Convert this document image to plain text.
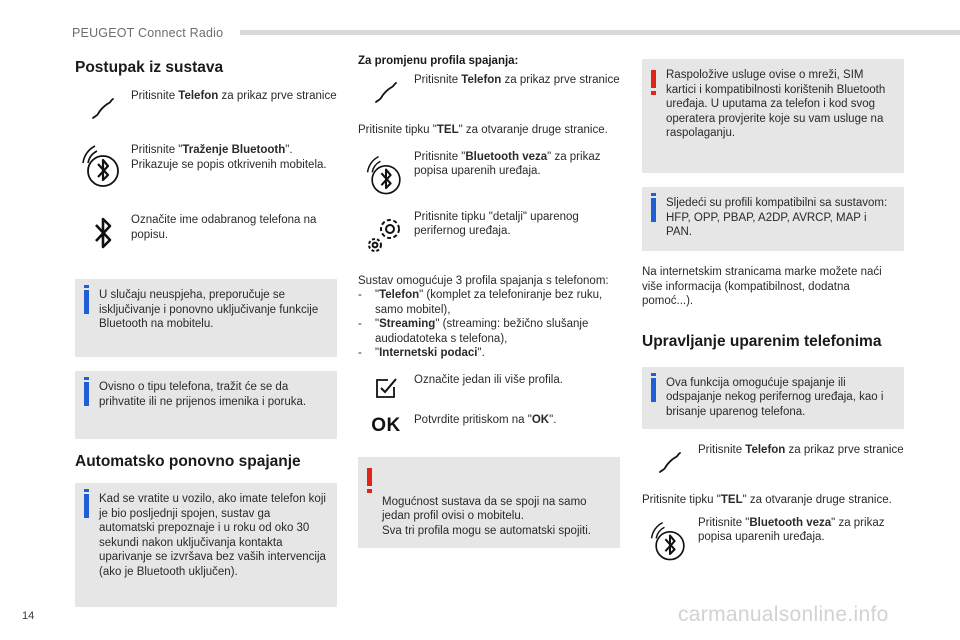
PEUGEOT Connect Radio
Postupak iz sustava
Pritisnite Telefon za prikaz prve stranice
Pritisnite "Traženje Bluetooth". Prikazuje se popis otkrivenih mobitela.
Označite ime odabranog telefona na popisu.
U slučaju neuspjeha, preporučuje se isključivanje i ponovno uključivanje funkcije Bluetooth na mobitelu.
Ovisno o tipu telefona, tražit će se da prihvatite ili ne prijenos imenika i poruka.
Automatsko ponovno spajanje
Kad se vratite u vozilo, ako imate telefon koji je bio posljednji spojen, sustav ga automatski prepoznaje i u roku od oko 30 sekundi nakon uključivanja kontakta uparivanje se izvršava bez vaših intervencija (ako je Bluetooth uključen).
Za promjenu profila spajanja:
Pritisnite Telefon za prikaz prve stranice

Pritisnite tipku "TEL" za otvaranje druge stranice.

Pritisnite "Bluetooth veza" za prikaz popisa uparenih uređaja.
Pritisnite tipku "detalji" uparenog perifernog uređaja.

Sustav omogućuje 3 profila spajanja s telefonom:

-	"Telefon" (komplet za telefoniranje bez ruku, samo mobitel),
-	"Streaming" (streaming: bežično slušanje audiodatoteka s telefona),
-	"Internetski podaci".
Označite jedan ili više profila.
OK Potvrdite pritiskom na "OK".

Mogućnost sustava da se spoji na samo jedan profil ovisi o mobitelu.
Sva tri profila mogu se automatski spojiti.

Raspoložive usluge ovise o mreži, SIM kartici i kompatibilnosti korištenih Bluetooth uređaja. U uputama za telefon i kod svog operatera provjerite koje su vam usluge na raspolaganju.
Sljedeći su profili kompatibilni sa sustavom: HFP, OPP, PBAP, A2DP, AVRCP, MAP i PAN.

Na internetskim stranicama marke možete naći više informacija (kompatibilnost, dodatna pomoć...).

Upravljanje uparenim telefonima
Ova funkcija omogućuje spajanje ili odspajanje nekog perifernog uređaja, kao i brisanje uparenog telefona.
Pritisnite Telefon za prikaz prve stranice

Pritisnite tipku "TEL" za otvaranje druge stranice.

Pritisnite "Bluetooth veza" za prikaz popisa uparenih uređaja.
14	carmanualsonline.info
